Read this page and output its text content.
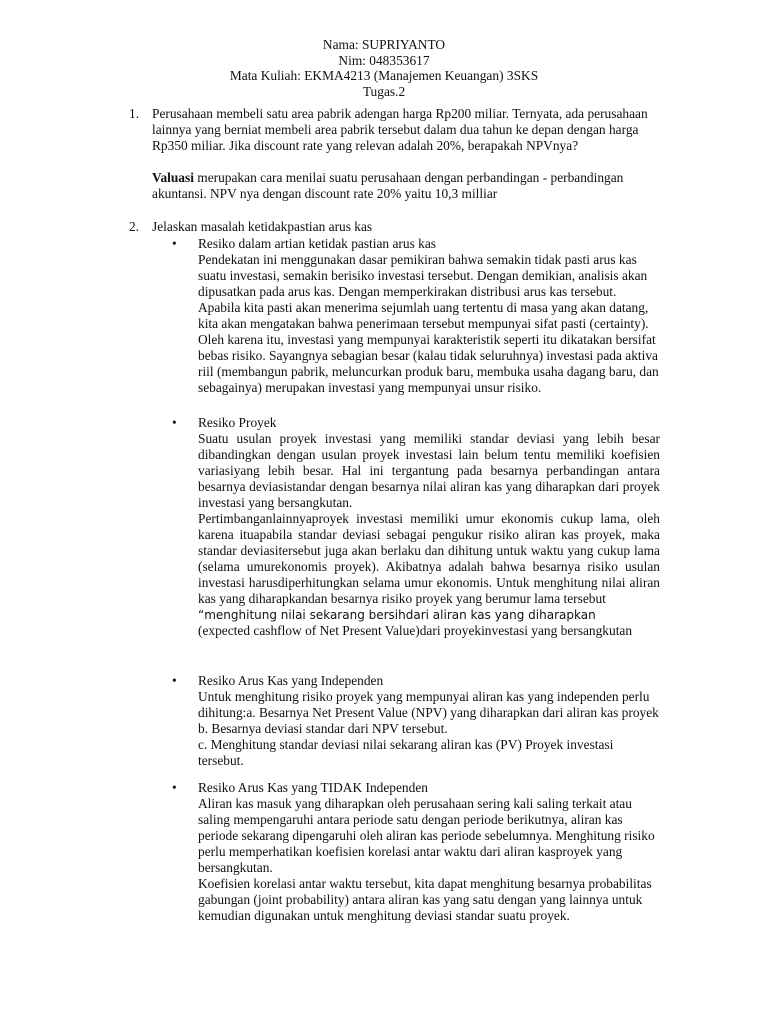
Nama: SUPRIYANTO
Nim: 048353617
Mata Kuliah: EKMA4213 (Manajemen Keuangan) 3SKS
Tugas.2
1. Perusahaan membeli satu area pabrik adengan harga Rp200 miliar. Ternyata, ada perusahaan lainnya yang berniat membeli area pabrik tersebut dalam dua tahun ke depan dengan harga Rp350 miliar. Jika discount rate yang relevan adalah 20%, berapakah NPVnya?

Valuasi merupakan cara menilai suatu perusahaan dengan perbandingan - perbandingan akuntansi. NPV nya dengan discount rate 20% yaitu 10,3 milliar

2. Jelaskan masalah ketidakpastian arus kas

• Resiko dalam artian ketidak pastian arus kas

Pendekatan ini menggunakan dasar pemikiran bahwa semakin tidak pasti arus kas suatu investasi, semakin berisiko investasi tersebut. Dengan demikian, analisis akan dipusatkan pada arus kas. Dengan memperkirakan distribusi arus kas tersebut.

Apabila kita pasti akan menerima sejumlah uang tertentu di masa yang akan datang, kita akan mengatakan bahwa penerimaan tersebut mempunyai sifat pasti (certainty). Oleh karena itu, investasi yang mempunyai karakteristik seperti itu dikatakan bersifat bebas risiko. Sayangnya sebagian besar (kalau tidak seluruhnya) investasi pada aktiva riil (membangun pabrik, meluncurkan produk baru, membuka usaha dagang baru, dan sebagainya) merupakan investasi yang mempunyai unsur risiko.

• Resiko Proyek

Suatu usulan proyek investasi yang memiliki standar deviasi yang lebih besar dibandingkan dengan usulan proyek investasi lain belum tentu memiliki koefisien variasiyang lebih besar. Hal ini tergantung pada besarnya perbandingan antara besarnya deviasistandar dengan besarnya nilai aliran kas yang diharapkan dari proyek investasi yang bersangkutan.

Pertimbanganlainnyaproyek investasi memiliki umur ekonomis cukup lama, oleh karena ituapabila standar deviasi sebagai pengukur risiko aliran kas proyek, maka standar deviasitersebut juga akan berlaku dan dihitung untuk waktu yang cukup lama (selama umurekonomis proyek). Akibatnya adalah bahwa besarnya risiko usulan investasi harusdiperhitungkan selama umur ekonomis. Untuk menghitung nilai aliran kas yang diharapkandan besarnya risiko proyek yang berumur lama tersebut

“menghitung nilai sekarang bersihdari aliran kas yang diharapkan

(expected cashflow of Net Present Value)dari proyekinvestasi yang bersangkutan

• Resiko Arus Kas yang Independen

Untuk menghitung risiko proyek yang mempunyai aliran kas yang independen perlu dihitung:a. Besarnya Net Present Value (NPV) yang diharapkan dari aliran kas proyek

b. Besarnya deviasi standar dari NPV tersebut.

c. Menghitung standar deviasi nilai sekarang aliran kas (PV) Proyek investasi tersebut.

• Resiko Arus Kas yang TIDAK Independen

Aliran kas masuk yang diharapkan oleh perusahaan sering kali saling terkait atau saling mempengaruhi antara periode satu dengan periode berikutnya, aliran kas periode sekarang dipengaruhi oleh aliran kas periode sebelumnya. Menghitung risiko perlu memperhatikan koefisien korelasi antar waktu dari aliran kasproyek yang bersangkutan.

Koefisien korelasi antar waktu tersebut, kita dapat menghitung besarnya probabilitas gabungan (joint probability) antara aliran kas yang satu dengan yang lainnya untuk kemudian digunakan untuk menghitung deviasi standar suatu proyek.
